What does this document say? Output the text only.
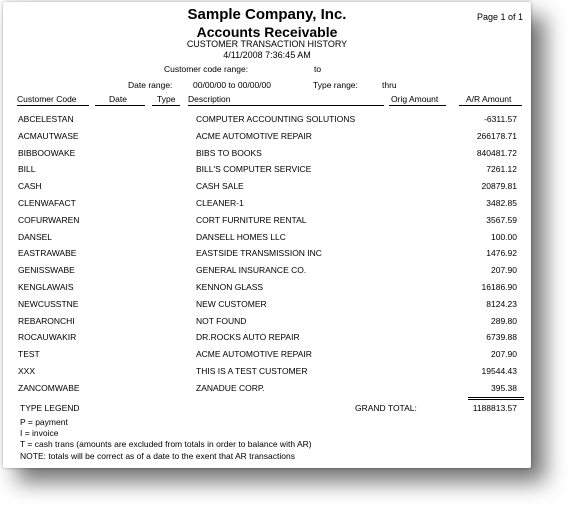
Sample Company, Inc.
Accounts Receivable
CUSTOMER TRANSACTION HISTORY
4/11/2008 7:36:45 AM
Page 1 of 1
Customer code range:	to
Date range: 00/00/00 to 00/00/00	Type range:	thru
Customer Code	Date	Type Description	Orig Amount	A/R Amount
ABCELESTAN	COMPUTER ACCOUNTING SOLUTIONS	-6311.57
ACMAUTWASE	ACME AUTOMOTIVE REPAIR	266178.71
BIBBOOWAKE	BIBS TO BOOKS	840481.72
BILL	BILL'S COMPUTER SERVICE	7261.12
CASH	CASH SALE	20879.81
CLENWAFACT	CLEANER-1	3482.85
COFURWAREN	CORT FURNITURE RENTAL	3567.59
DANSEL	DANSELL HOMES LLC	100.00
EASTRAWABE	EASTSIDE TRANSMISSION INC	1476.92
GENISSWABE	GENERAL INSURANCE CO.	207.90
KENGLAWAIS	KENNON GLASS	16186.90
NEWCUSSTNE	NEW CUSTOMER	8124.23
REBARONCHI	NOT FOUND	289.80
ROCAUWAKIR	DR.ROCKS AUTO REPAIR	6739.88
TEST	ACME AUTOMOTIVE REPAIR	207.90
XXX	THIS IS A TEST CUSTOMER	19544.43
ZANCOMWABE	ZANADUE CORP.	395.38
TYPE LEGEND	GRAND TOTAL:	1188813.57
P = payment
I = invoice
T = cash trans (amounts are excluded from totals in order to balance with AR)
NOTE: totals will be correct as of a date to the exent that AR transactions
